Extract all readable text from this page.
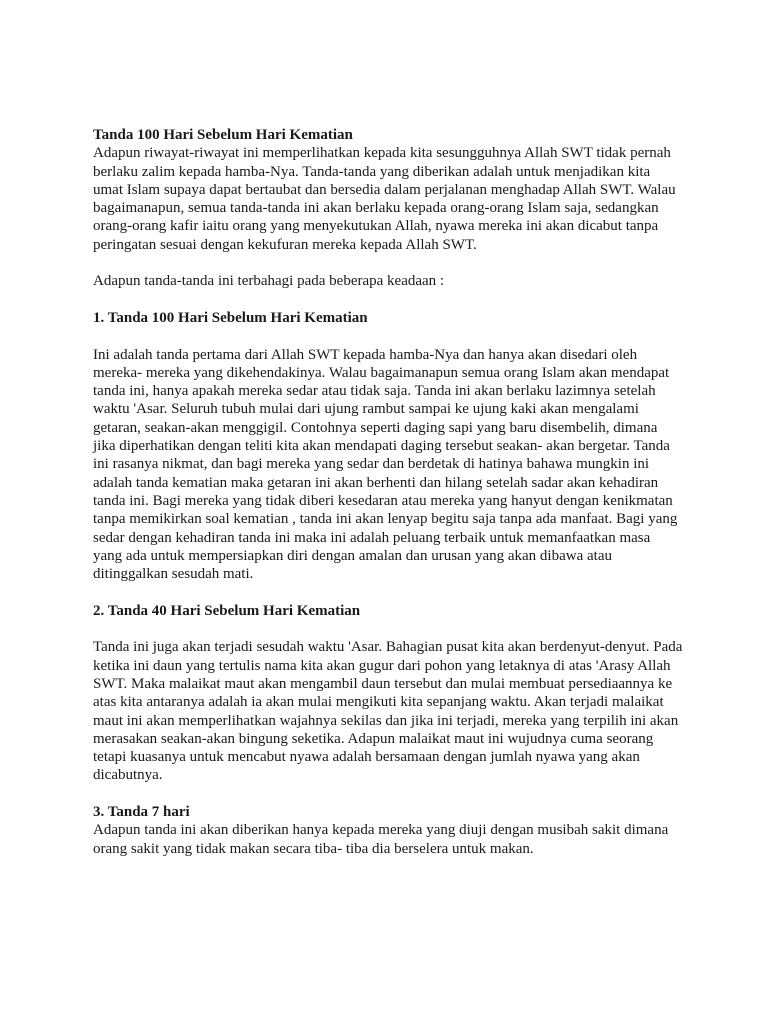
Tanda 100 Hari Sebelum Hari Kematian

Adapun riwayat-riwayat ini memperlihatkan kepada kita sesungguhnya Allah SWT tidak pernah berlaku zalim kepada hamba-Nya. Tanda-tanda yang diberikan adalah untuk menjadikan kita umat Islam supaya dapat bertaubat dan bersedia dalam perjalanan menghadap Allah SWT. Walau bagaimanapun, semua tanda-tanda ini akan berlaku kepada orang-orang Islam saja, sedangkan orang-orang kafir iaitu orang yang menyekutukan Allah, nyawa mereka ini akan dicabut tanpa peringatan sesuai dengan kekufuran mereka kepada Allah SWT.

Adapun tanda-tanda ini terbahagi pada beberapa keadaan :

1. Tanda 100 Hari Sebelum Hari Kematian

Ini adalah tanda pertama dari Allah SWT kepada hamba-Nya dan hanya akan disedari oleh mereka- mereka yang dikehendakinya. Walau bagaimanapun semua orang Islam akan mendapat tanda ini, hanya apakah mereka sedar atau tidak saja. Tanda ini akan berlaku lazimnya setelah waktu 'Asar. Seluruh tubuh mulai dari ujung rambut sampai ke ujung kaki akan mengalami getaran, seakan-akan menggigil. Contohnya seperti daging sapi yang baru disembelih, dimana jika diperhatikan dengan teliti kita akan mendapati daging tersebut seakan- akan bergetar. Tanda ini rasanya nikmat, dan bagi mereka yang sedar dan berdetak di hatinya bahawa mungkin ini adalah tanda kematian maka getaran ini akan berhenti dan hilang setelah sadar akan kehadiran tanda ini. Bagi mereka yang tidak diberi kesedaran atau mereka yang hanyut dengan kenikmatan tanpa memikirkan soal kematian , tanda ini akan lenyap begitu saja tanpa ada manfaat. Bagi yang sedar dengan kehadiran tanda ini maka ini adalah peluang terbaik untuk memanfaatkan masa yang ada untuk mempersiapkan diri dengan amalan dan urusan yang akan dibawa atau ditinggalkan sesudah mati.

2. Tanda 40 Hari Sebelum Hari Kematian

Tanda ini juga akan terjadi sesudah waktu 'Asar. Bahagian pusat kita akan berdenyut-denyut. Pada ketika ini daun yang tertulis nama kita akan gugur dari pohon yang letaknya di atas 'Arasy Allah SWT. Maka malaikat maut akan mengambil daun tersebut dan mulai membuat persediaannya ke atas kita antaranya adalah ia akan mulai mengikuti kita sepanjang waktu. Akan terjadi malaikat maut ini akan memperlihatkan wajahnya sekilas dan jika ini terjadi, mereka yang terpilih ini akan merasakan seakan-akan bingung seketika. Adapun malaikat maut ini wujudnya cuma seorang tetapi kuasanya untuk mencabut nyawa adalah bersamaan dengan jumlah nyawa yang akan dicabutnya.

3. Tanda 7 hari

Adapun tanda ini akan diberikan hanya kepada mereka yang diuji dengan musibah sakit dimana orang sakit yang tidak makan secara tiba- tiba dia berselera untuk makan.
